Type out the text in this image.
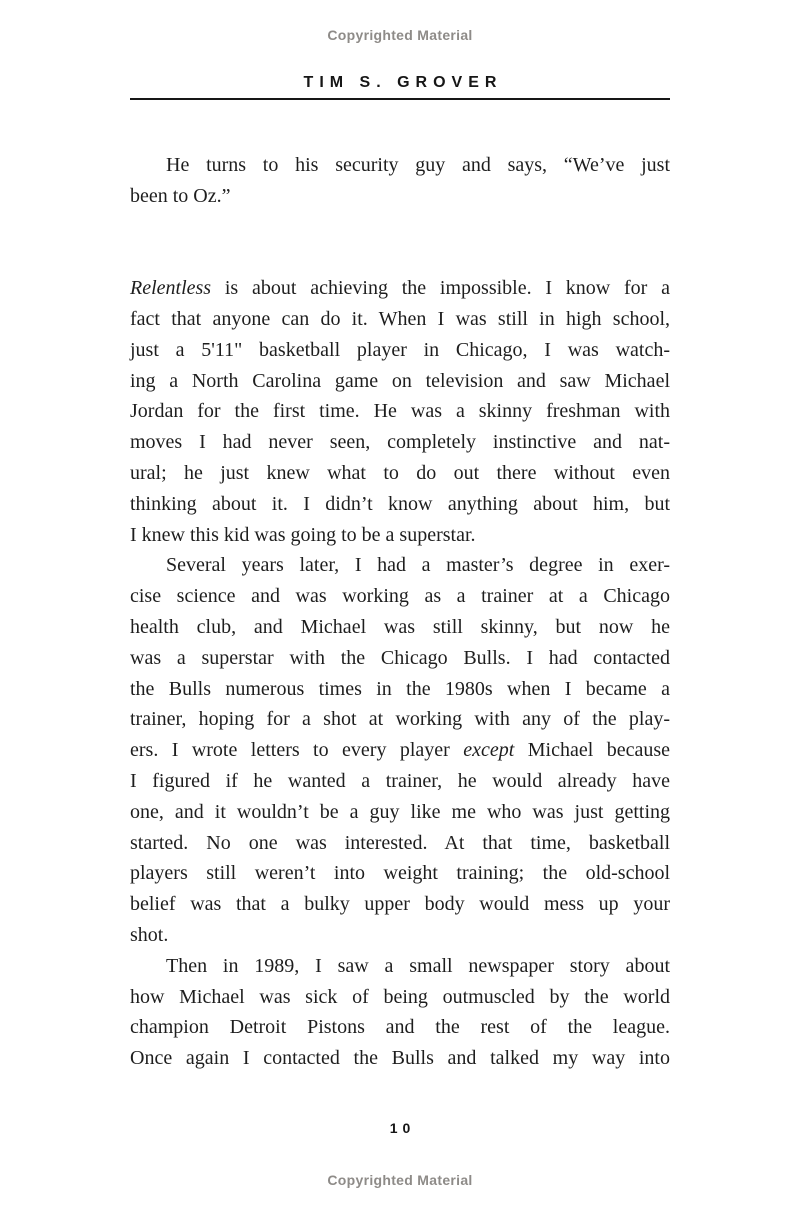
Copyrighted Material
TIM S. GROVER
He turns to his security guy and says, “We’ve just
been to Oz.”
Relentless is about achieving the impossible. I know for a
fact that anyone can do it. When I was still in high school,
just a 5'11" basketball player in Chicago, I was watch-
ing a North Carolina game on television and saw Michael
Jordan for the first time. He was a skinny freshman with
moves I had never seen, completely instinctive and nat-
ural; he just knew what to do out there without even
thinking about it. I didn’t know anything about him, but
I knew this kid was going to be a superstar.
Several years later, I had a master’s degree in exer-
cise science and was working as a trainer at a Chicago
health club, and Michael was still skinny, but now he
was a superstar with the Chicago Bulls. I had contacted
the Bulls numerous times in the 1980s when I became a
trainer, hoping for a shot at working with any of the play-
ers. I wrote letters to every player except Michael because
I figured if he wanted a trainer, he would already have
one, and it wouldn’t be a guy like me who was just getting
started. No one was interested. At that time, basketball
players still weren’t into weight training; the old-school
belief was that a bulky upper body would mess up your
shot.
Then in 1989, I saw a small newspaper story about
how Michael was sick of being outmuscled by the world
champion Detroit Pistons and the rest of the league.
Once again I contacted the Bulls and talked my way into
10
Copyrighted Material
